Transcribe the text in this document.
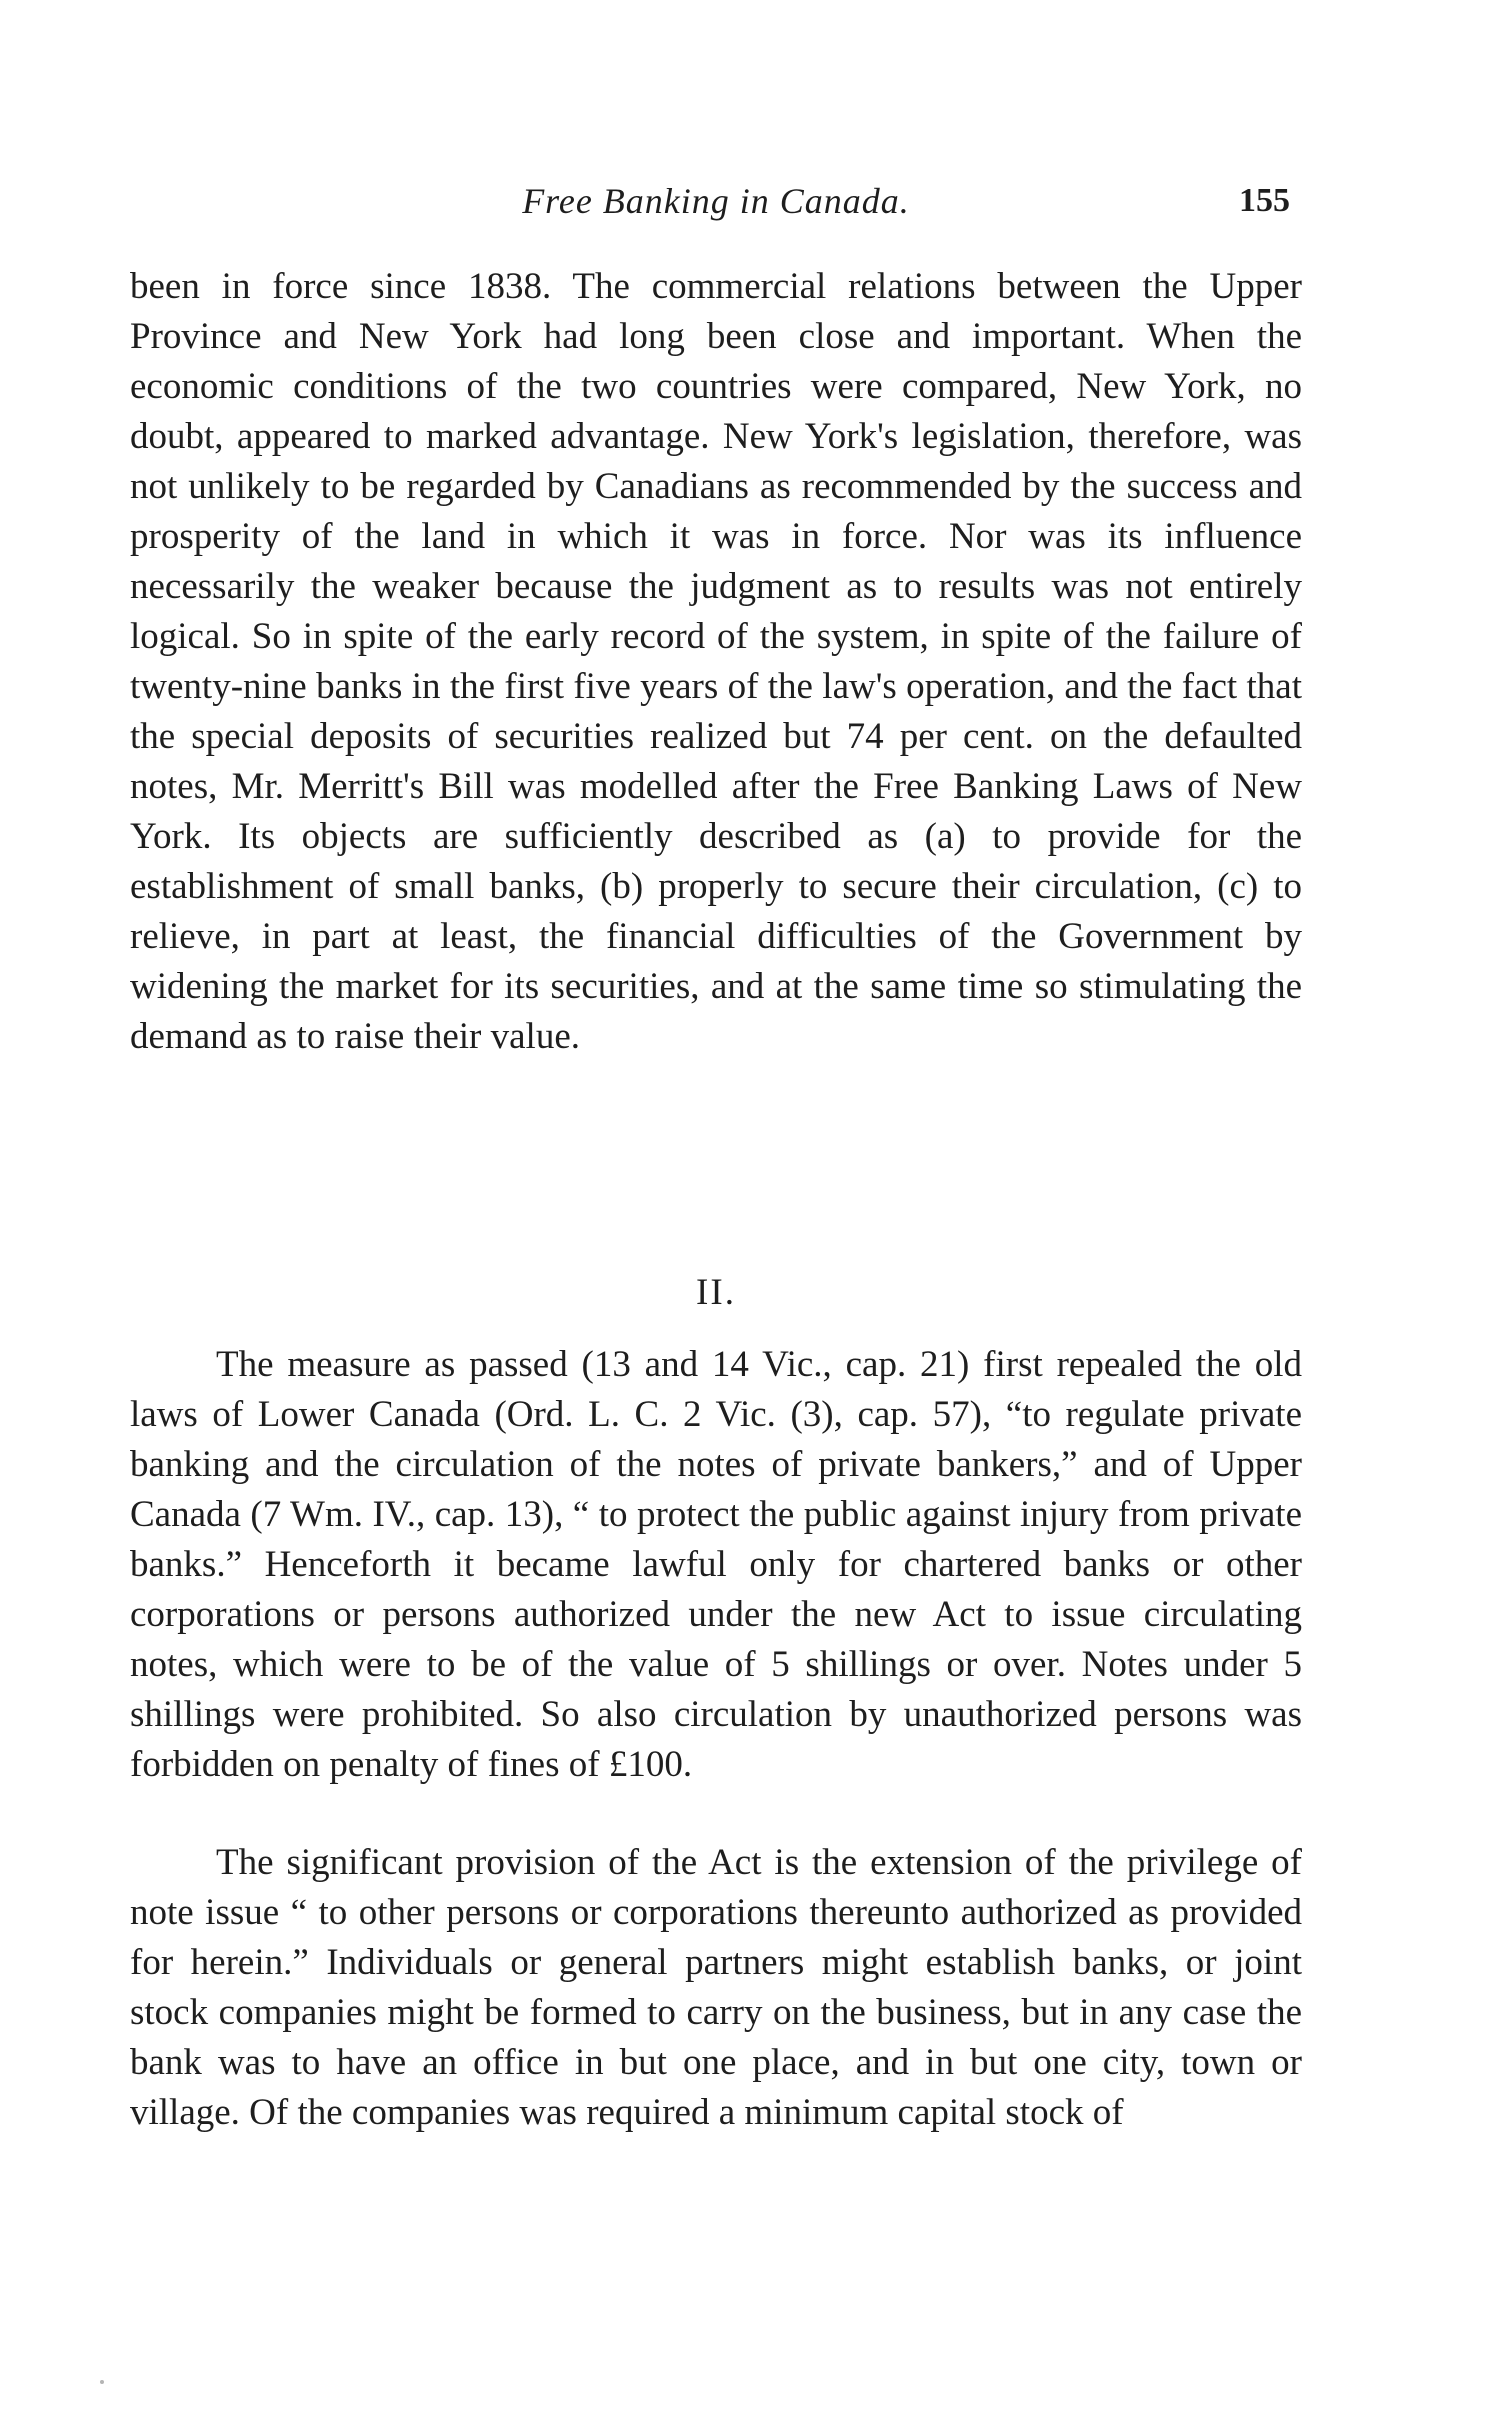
Free Banking in Canada.	155

been in force since 1838. The commercial relations between the Upper Province and New York had long been close and important. When the economic conditions of the two countries were compared, New York, no doubt, appeared to marked advantage. New York's legislation, therefore, was not unlikely to be regarded by Canadians as recommended by the success and prosperity of the land in which it was in force. Nor was its influence necessarily the weaker because the judgment as to results was not entirely logical. So in spite of the early record of the system, in spite of the failure of twenty-nine banks in the first five years of the law's operation, and the fact that the special deposits of securities realized but 74 per cent. on the defaulted notes, Mr. Merritt's Bill was modelled after the Free Banking Laws of New York. Its objects are sufficiently described as (a) to provide for the establishment of small banks, (b) properly to secure their circulation, (c) to relieve, in part at least, the financial difficulties of the Government by widening the market for its securities, and at the same time so stimulating the demand as to raise their value.

II.

The measure as passed (13 and 14 Vic., cap. 21) first repealed the old laws of Lower Canada (Ord. L. C. 2 Vic. (3), cap. 57), “to regulate private banking and the circulation of the notes of private bankers,” and of Upper Canada (7 Wm. IV., cap. 13), “ to protect the public against injury from private banks.” Henceforth it became lawful only for chartered banks or other corporations or persons authorized under the new Act to issue circulating notes, which were to be of the value of 5 shillings or over. Notes under 5 shillings were prohibited. So also circulation by unauthorized persons was forbidden on penalty of fines of £100.

The significant provision of the Act is the extension of the privilege of note issue “ to other persons or corporations thereunto authorized as provided for herein.” Individuals or general partners might establish banks, or joint stock companies might be formed to carry on the business, but in any case the bank was to have an office in but one place, and in but one city, town or village. Of the companies was required a minimum capital stock of
